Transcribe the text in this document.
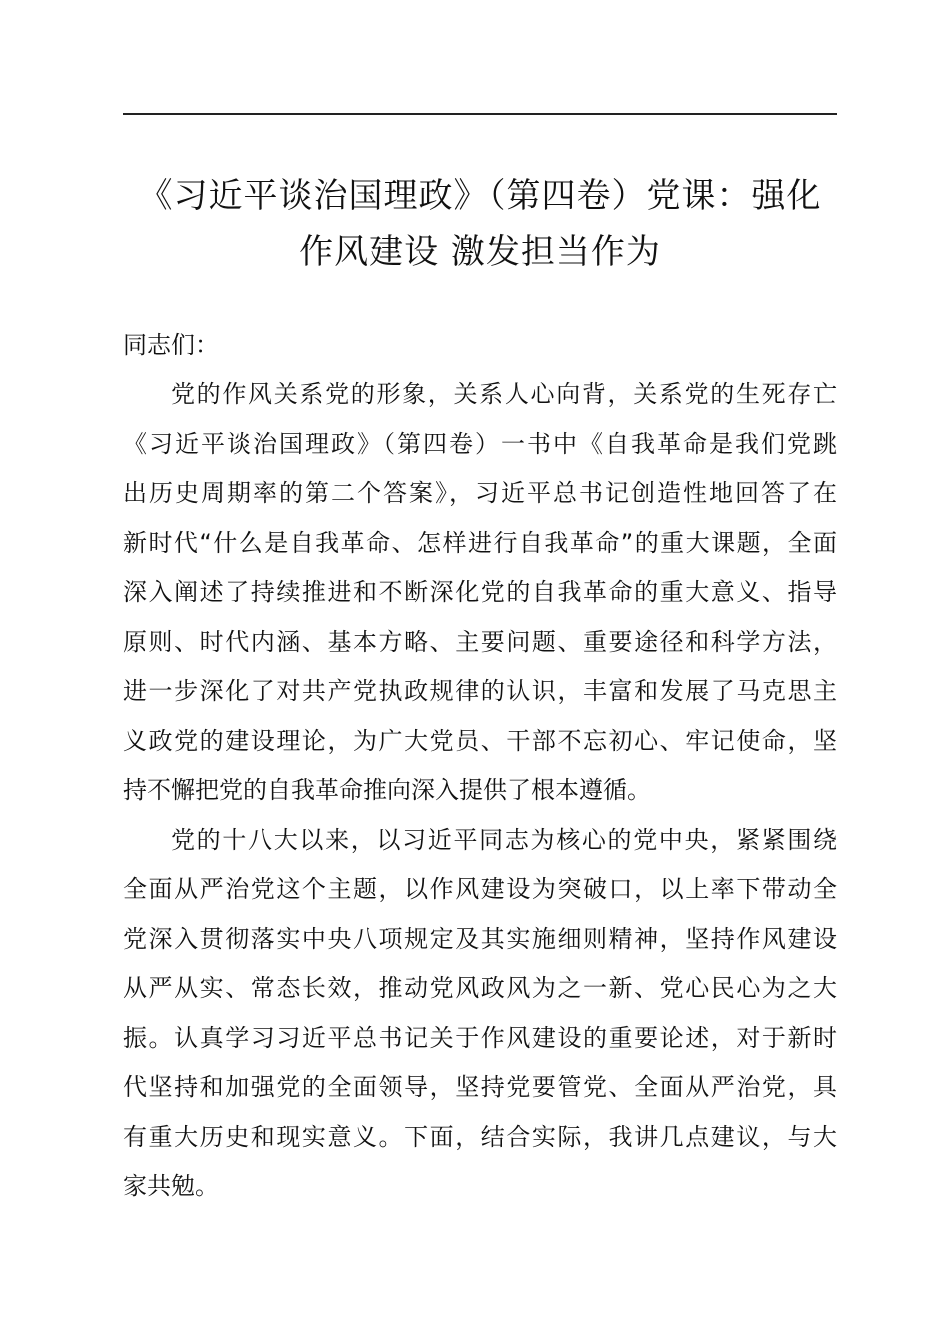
《习近平谈治国理政》（第四卷）党课：强化
作风建设 激发担当作为

同志们：

党的作风关系党的形象，关系人心向背，关系党的生死存亡
《习近平谈治国理政》（第四卷）一书中《自我革命是我们党跳
出历史周期率的第二个答案》，习近平总书记创造性地回答了在
新时代“什么是自我革命、怎样进行自我革命”的重大课题，全面
深入阐述了持续推进和不断深化党的自我革命的重大意义、指导
原则、时代内涵、基本方略、主要问题、重要途径和科学方法，
进一步深化了对共产党执政规律的认识，丰富和发展了马克思主
义政党的建设理论，为广大党员、干部不忘初心、牢记使命，坚
持不懈把党的自我革命推向深入提供了根本遵循。

党的十八大以来，以习近平同志为核心的党中央，紧紧围绕
全面从严治党这个主题，以作风建设为突破口，以上率下带动全
党深入贯彻落实中央八项规定及其实施细则精神，坚持作风建设
从严从实、常态长效，推动党风政风为之一新、党心民心为之大
振。认真学习习近平总书记关于作风建设的重要论述，对于新时
代坚持和加强党的全面领导，坚持党要管党、全面从严治党，具
有重大历史和现实意义。下面，结合实际，我讲几点建议，与大
家共勉。
